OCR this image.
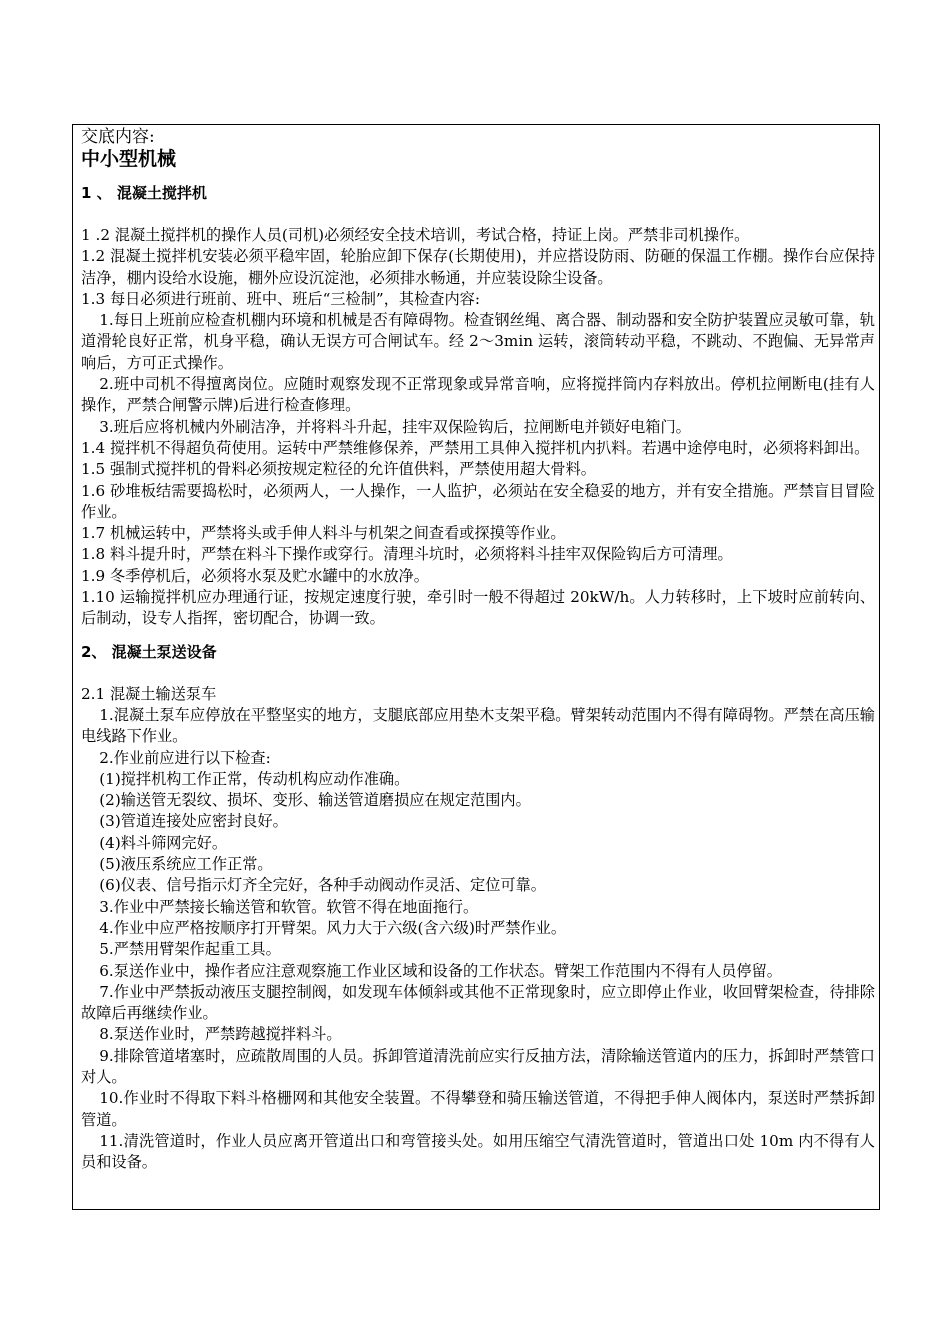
交底内容:
中小型机械
1 、 混凝土搅拌机
1 .2 混凝土搅拌机的操作人员(司机)必须经安全技术培训，考试合格，持证上岗。严禁非司机操作。
1.2 混凝土搅拌机安装必须平稳牢固，轮胎应卸下保存(长期使用)，并应搭设防雨、防砸的保温工作棚。操作台应保持洁净，棚内设给水设施，棚外应设沉淀池，必须排水畅通，并应装设除尘设备。
1.3 每日必须进行班前、班中、班后“三检制”，其检查内容:
1.每日上班前应检查机棚内环境和机械是否有障碍物。检查钢丝绳、离合器、制动器和安全防护装置应灵敏可靠，轨道滑轮良好正常，机身平稳，确认无误方可合闸试车。经 2～3min 运转，滚筒转动平稳，不跳动、不跑偏、无异常声响后，方可正式操作。
2.班中司机不得擅离岗位。应随时观察发现不正常现象或异常音响，应将搅拌筒内存料放出。停机拉闸断电(挂有人操作，严禁合闸警示牌)后进行检查修理。
3.班后应将机械内外刷洁净，并将料斗升起，挂牢双保险钩后，拉闸断电并锁好电箱门。
1.4 搅拌机不得超负荷使用。运转中严禁维修保养，严禁用工具伸入搅拌机内扒料。若遇中途停电时，必须将料卸出。
1.5 强制式搅拌机的骨料必须按规定粒径的允许值供料，严禁使用超大骨料。
1.6 砂堆板结需要捣松时，必须两人，一人操作，一人监护，必须站在安全稳妥的地方，并有安全措施。严禁盲目冒险作业。
1.7 机械运转中，严禁将头或手伸人料斗与机架之间查看或探摸等作业。
1.8 料斗提升时，严禁在料斗下操作或穿行。清理斗坑时，必须将料斗挂牢双保险钩后方可清理。
1.9 冬季停机后，必须将水泵及贮水罐中的水放净。
1.10 运输搅拌机应办理通行证，按规定速度行驶，牵引时一般不得超过 20kW/h。人力转移时，上下坡时应前转向、后制动，设专人指挥，密切配合，协调一致。
2、 混凝土泵送设备
2.1 混凝土输送泵车
1.混凝土泵车应停放在平整坚实的地方，支腿底部应用垫木支架平稳。臂架转动范围内不得有障碍物。严禁在高压输电线路下作业。
2.作业前应进行以下检查:
(1)搅拌机构工作正常，传动机构应动作准确。
(2)输送管无裂纹、损坏、变形、输送管道磨损应在规定范围内。
(3)管道连接处应密封良好。
(4)料斗筛网完好。
(5)液压系统应工作正常。
(6)仪表、信号指示灯齐全完好，各种手动阀动作灵活、定位可靠。
3.作业中严禁接长输送管和软管。软管不得在地面拖行。
4.作业中应严格按顺序打开臂架。风力大于六级(含六级)时严禁作业。
5.严禁用臂架作起重工具。
6.泵送作业中，操作者应注意观察施工作业区域和设备的工作状态。臂架工作范围内不得有人员停留。
7.作业中严禁扳动液压支腿控制阀，如发现车体倾斜或其他不正常现象时，应立即停止作业，收回臂架检查，待排除故障后再继续作业。
8.泵送作业时，严禁跨越搅拌料斗。
9.排除管道堵塞时，应疏散周围的人员。拆卸管道清洗前应实行反抽方法，清除输送管道内的压力，拆卸时严禁管口对人。
10.作业时不得取下料斗格栅网和其他安全装置。不得攀登和骑压输送管道，不得把手伸人阀体内，泵送时严禁拆卸管道。
11.清洗管道时，作业人员应离开管道出口和弯管接头处。如用压缩空气清洗管道时，管道出口处 10m 内不得有人员和设备。
